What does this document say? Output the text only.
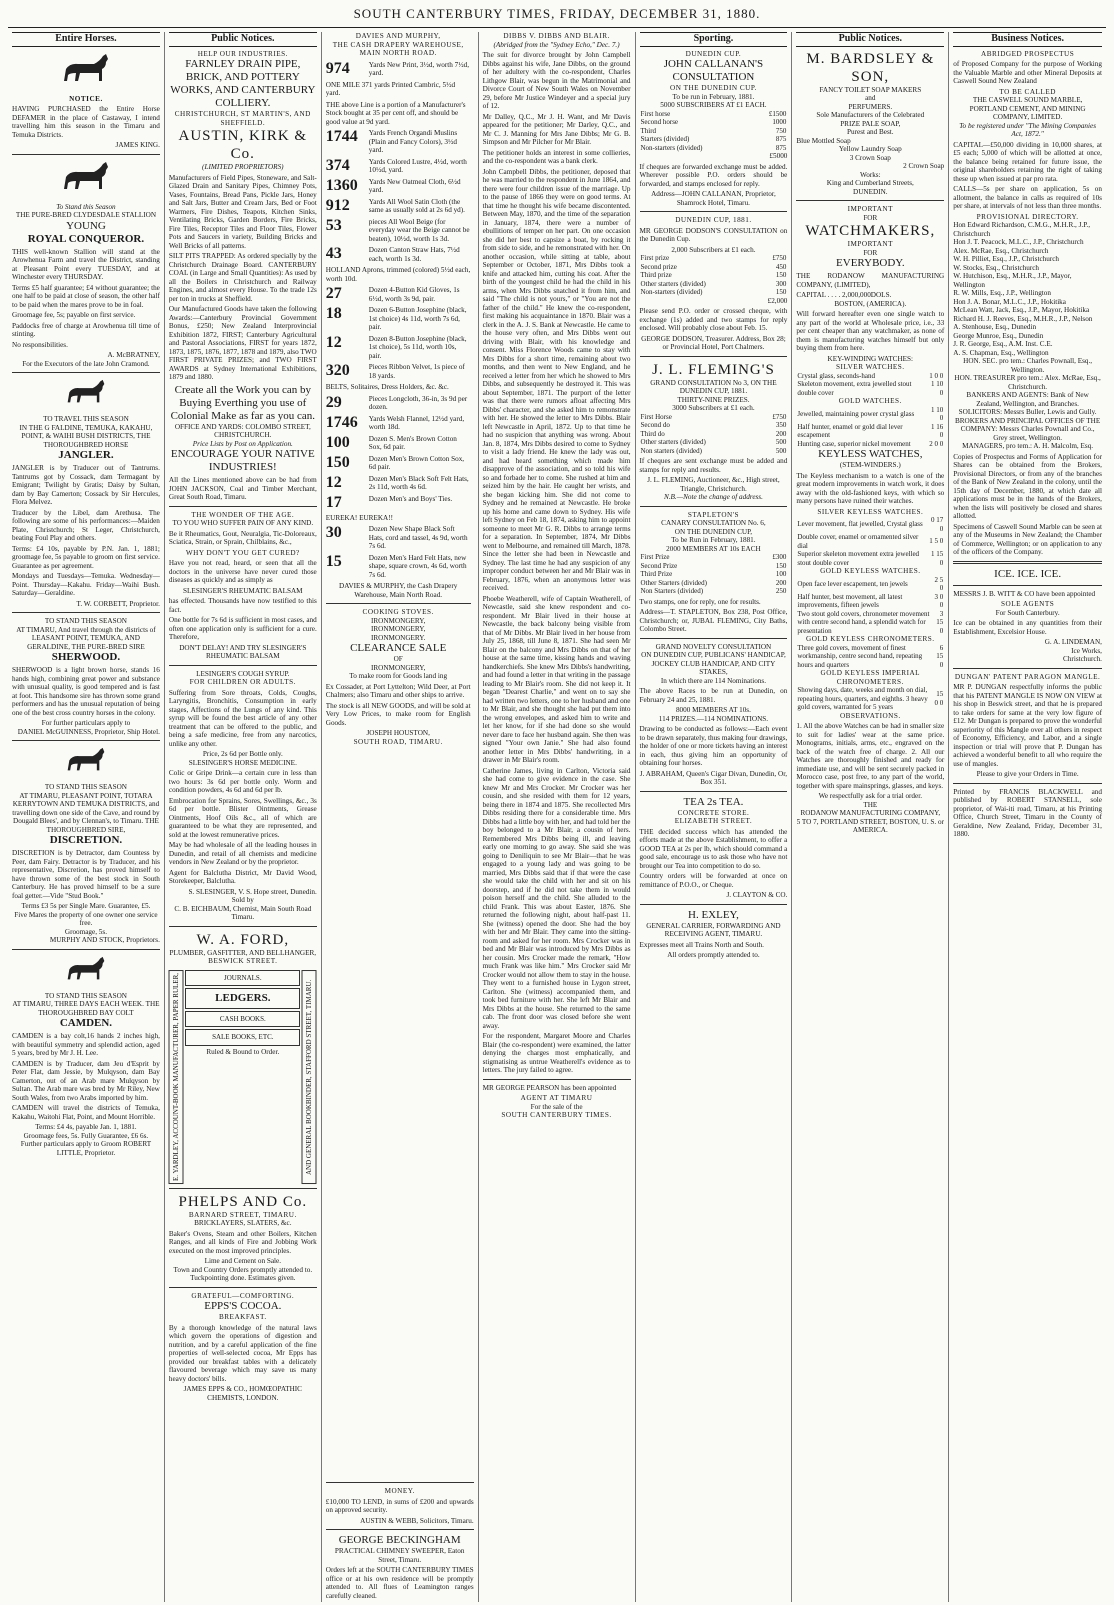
SOUTH CANTERBURY TIMES, FRIDAY, DECEMBER 31, 1880.
Entire Horses.
NOTICE.

HAVING PURCHASED the Entire Horse DEFAMER in the place of Castaway, I intend travelling him this season in the Timaru and Temuka Districts.

JAMES KING.
To Stand this Season
THE PURE-BRED CLYDESDALE STALLION
YOUNG
ROYAL CONQUEROR.

THIS well-known Stallion will stand at the Arowhenua Farm and travel the District, standing at Pleasant Point every TUESDAY, and at Winchester every THURSDAY.

Terms £5 half guarantee; £4 without guarantee; the one half to be paid at close of season, the other half to be paid when the mares prove to be in foal.

Groomage fee, 5s; payable on first service.

Paddocks free of charge at Arowhenua till time of stinting.

No responsibilities.

A. McBRATNEY,
For the Executors of the late John Cramond.
TO TRAVEL THIS SEASON
IN THE G FALDINE, TEMUKA, KAKAHU, POINT, & WAIHI BUSH DISTRICTS, THE THOROUGHBRED HORSE
JANGLER.

JANGLER is by Traducer out of Tantrums. Tantrums got by Cossack, dam Termagant by Emigrant; Twilight by Gratis; Daisy by Sultan, dam by Bay Camerton; Cossack by Sir Hercules, Flora Melvez.

Traducer by the Libel, dam Arethusa. The following are some of his performances:—Maiden Plate, Christchurch; St Leger, Christchurch, beating Foul Play and others.

Terms: £4 10s, payable by P.N. Jan. 1, 1881; groomage fee, 5s payable to groom on first service. Guarantee as per agreement.

Mondays and Tuesdays—Temuka. Wednesday—Point. Thursday—Kakahu. Friday—Waihi Bush. Saturday—Geraldine.

T. W. CORBETT, Proprietor.
TO STAND THIS SEASON
AT TIMARU, And travel through the districts of LEASANT POINT, TEMUKA, AND GERALDINE, THE PURE-BRED SIRE
SHERWOOD.

SHERWOOD is a light brown horse, stands 16 hands high, combining great power and substance with unusual quality, is good tempered and is fast at foot. This handsome sire has thrown some grand performers and has the unusual reputation of being one of the best cross country horses in the colony.

For further particulars apply to
DANIEL McGUINNESS, Proprietor, Ship Hotel.
TO STAND THIS SEASON
AT TIMARU, PLEASANT POINT, TOTARA KERRYTOWN AND TEMUKA DISTRICTS, and travelling down one side of the Cave, and round by Dougald Blees', and by Clennan's, to Timaru. THE THOROUGHBRED SIRE,
DISCRETION.

DISCRETION is by Detractor, dam Countess by Peer, dam Fairy. Detractor is by Traducer, and his representative, Discretion, has proved himself to have thrown some of the best stock in South Canterbury. He has proved himself to be a sure foal getter.—Vide "Stud Book."

Terms £3 5s per Single Mare. Guarantee, £5.
Five Mares the property of one owner one service free.
Groomage, 5s.
MURPHY AND STOCK, Proprietors.
TO STAND THIS SEASON
AT TIMARU, THREE DAYS EACH WEEK. THE THOROUGHBRED BAY COLT
CAMDEN.

CAMDEN is a bay colt,16 hands 2 inches high, with beautiful symmetry and splendid action, aged 5 years, bred by Mr J. H. Lee.

CAMDEN is by Traducer, dam Jeu d'Esprit by Peter Flat, dam Jessie, by Mulqyson, dam Bay Camerton, out of an Arab mare Mulqyson by Sultan. The Arab mare was bred by Mr Riley, New South Wales, from two Arabs imported by him.

CAMDEN will travel the districts of Temuka, Kakahu, Waitohi Flat, Point, and Mount Horrible.

Terms: £4 4s, payable Jan. 1, 1881.
Groomage fees, 5s. Fully Guarantee, £6 6s.
Further particulars apply to Groom ROBERT LITTLE, Proprietor.
Public Notices.
HELP OUR INDUSTRIES.
FARNLEY DRAIN PIPE, BRICK, AND POTTERY WORKS, AND CANTERBURY COLLIERY.
CHRISTCHURCH, ST MARTIN'S, AND SHEFFIELD.
AUSTIN, KIRK & Co.
(LIMITED PROPRIETORS)

Manufacturers of Field Pipes, Stoneware, and Salt-Glazed Drain and Sanitary Pipes, Chimney Pots, Vases, Fountains, Bread Pans, Pickle Jars, Honey and Salt Jars, Butter and Cream Jars, Bed or Foot Warmers, Fire Dishes, Teapots, Kitchen Sinks, Ventilating Bricks, Garden Borders, Fire Bricks, Fire Tiles, Receptor Tiles and Floor Tiles, Flower Pots and Saucers in variety, Building Bricks and Well Bricks of all patterns.

SILT PITS TRAPPED: As ordered specially by the Christchurch Drainage Board. CANTERBURY COAL (in Large and Small Quantities): As used by all the Boilers in Christchurch and Railway Engines, and almost every House. To the trade 12s per ton in trucks at Sheffield.

Our Manufactured Goods have taken the following Awards:—Canterbury Provincial Government Bonus, £250; New Zealand Interprovincial Exhibition 1872, FIRST; Canterbury Agricultural and Pastoral Associations, FIRST for years 1872, 1873, 1875, 1876, 1877, 1878 and 1879, also TWO FIRST PRIVATE PRIZES; and TWO FIRST AWARDS at Sydney International Exhibitions, 1879 and 1880.

Create all the Work you can by Buying Everthing you use of Colonial Make as far as you can.
OFFICE AND YARDS: COLOMBO STREET, CHRISTCHURCH.
Price Lists by Post on Application.
ENCOURAGE YOUR NATIVE INDUSTRIES!

All the Lines mentioned above can be had from JOHN JACKSON, Coal and Timber Merchant, Great South Road, Timaru.

THE WONDER OF THE AGE.
TO YOU WHO SUFFER PAIN OF ANY KIND.

Be it Rheumatics, Gout, Neuralgia, Tic-Doloreaux, Sciatica, Strain, or Sprain, Chilblains, &c.,

WHY DON'T YOU GET CURED?

Have you not read, heard, or seen that all the doctors in the universe have never cured those diseases as quickly and as simply as

SLESINGER'S RHEUMATIC BALSAM

has effected. Thousands have now testified to this fact.

One bottle for 7s 6d is sufficient in most cases, and often one application only is sufficient for a cure. Therefore,

DON'T DELAY! AND TRY SLESINGER'S RHEUMATIC BALSAM
LESINGER'S COUGH SYRUP.
FOR CHILDREN OR ADULTS.

Suffering from Sore throats, Colds, Coughs, Laryngitis, Bronchitis, Consumption in early stages, Affections of the Lungs of any kind. This syrup will be found the best article of any other treatment that can be offered to the public, and being a safe medicine, free from any narcotics, unlike any other.

Price, 2s 6d per Bottle only.
SLESINGER'S HORSE MEDICINE.

Colic or Gripe Drink—a certain cure in less than two hours: 3s 6d per bottle only. Worm and condition powders, 4s 6d and 6d per lb.

Embrocation for Sprains, Sores, Swellings, &c., 3s 6d per bottle. Blister Ointments, Grease Ointments, Hoof Oils &c., all of which are guaranteed to be what they are represented, and sold at the lowest remunerative prices.

May be had wholesale of all the leading houses in Dunedin, and retail of all chemists and medicine vendors in New Zealand or by the proprietor.

Agent for Balclutha District, Mr David Wood, Storekeeper, Balclutha.

S. SLESINGER, V. S. Hope street, Dunedin.
Sold by
C. B. EICHBAUM, Chemist, Main South Road Timaru.
W. A. FORD,
PLUMBER, GASFITTER, AND BELLHANGER,
BESWICK STREET.
E. YARDLEY, ACCOUNT-BOOK MANUFACTURER, PAPER RULER,	JOURNALS.
LEDGERS.
CASH BOOKS.
SALE BOOKS, ETC.
Ruled & Bound to Order.	AND GENERAL BOOKBINDER, STAFFORD STREET, TIMARU.
PHELPS AND Co.
BARNARD STREET, TIMARU.
BRICKLAYERS, SLATERS, &c.

Baker's Ovens, Steam and other Boilers, Kitchen Ranges, and all kinds of Fire and Jobbing Work executed on the most improved principles.

Lime and Cement on Sale.
Town and Country Orders promptly attended to.
Tuckpointing done. Estimates given.
GRATEFUL—COMFORTING.
EPPS'S COCOA.
BREAKFAST.

By a thorough knowledge of the natural laws which govern the operations of digestion and nutrition, and by a careful application of the fine properties of well-selected cocoa, Mr Epps has provided our breakfast tables with a delicately flavoured beverage which may save us many heavy doctors' bills.

JAMES EPPS & CO., HOMŒOPATHIC CHEMISTS, LONDON.
DAVIES AND MURPHY,
THE CASH DRAPERY WAREHOUSE,
MAIN NORTH ROAD.
974	Yards New Print, 3½d, worth 7½d, yard.
ONE MILE 371 yards Printed Cambric, 5½d yard.
THE above Line is a portion of a Manufacturer's Stock bought at 35 per cent off, and should be good value at 9d yard.
1744	Yards French Organdi Muslins (Plain and Fancy Colors), 3½d yard.
374	Yards Colored Lustre, 4½d, worth 10½d, yard.
1360	Yards New Oatmeal Cloth, 6½d yard.
912	Yards All Wool Satin Cloth (the same as usually sold at 2s 6d yd).
53	pieces All Wool Beige (for everyday wear the Beige cannot be beaten), 10½d, worth 1s 3d.
43	Dozen Canton Straw Hats, 7½d each, worth 1s 3d.
HOLLAND Aprons, trimmed (colored) 5½d each, worth 10d.
27	Dozen 4-Button Kid Gloves, 1s 6½d, worth 3s 9d, pair.
18	Dozen 6-Button Josephine (black, 1st choice) 4s 11d, worth 7s 6d, pair.
12	Dozen 8-Button Josephine (black, 1st choice), 5s 11d, worth 10s, pair.
320	Pieces Ribbon Velvet, 1s piece of 18 yards.
BELTS, Solitaires, Dress Holders, &c. &c.
29	Pieces Longcloth, 36-in, 3s 9d per dozen.
1746	Yards Welsh Flannel, 12½d yard, worth 18d.
100	Dozen S. Men's Brown Cotton Sox, 6d pair.
150	Dozen Men's Brown Cotton Sox, 6d pair.
12	Dozen Men's Black Soft Felt Hats, 2s 11d, worth 4s 6d.
17	Dozen Men's and Boys' Ties.
EUREKA! EUREKA!!
30	Dozen New Shape Black Soft Hats, cord and tassel, 4s 9d, worth 7s 6d.
15	Dozen Men's Hard Felt Hats, new shape, square crown, 4s 6d, worth 7s 6d.
DAVIES & MURPHY, the Cash Drapery Warehouse, Main North Road.
COOKING STOVES.
IRONMONGERY,
IRONMONGERY,
IRONMONGERY.
CLEARANCE SALE
OF
IRONMONGERY,
To make room for Goods land ing

Ex Cossader, at Port Lyttelton; Wild Deer, at Port Chalmers; also Timaru and other ships to arrive.

The stock is all NEW GOODS, and will be sold at Very Low Prices, to make room for English Goods.

JOSEPH HOUSTON,
SOUTH ROAD, TIMARU.
MONEY.

£10,000 TO LEND, in sums of £200 and upwards on approved security.

AUSTIN & WEBB, Solicitors, Timaru.
GEORGE BECKINGHAM
PRACTICAL CHIMNEY SWEEPER, Eaton Street, Timaru.

Orders left at the SOUTH CANTERBURY TIMES office or at his own residence will be promptly attended to. All flues of Leamington ranges carefully cleaned.

DIBBS V. DIBBS AND BLAIR.
(Abridged from the "Sydney Echo," Dec. 7.)

The suit for divorce brought by John Campbell Dibbs against his wife, Jane Dibbs, on the ground of her adultery with the co-respondent, Charles Lithgow Blair, was begun in the Matrimonial and Divorce Court of New South Wales on November 29, before Mr Justice Windeyer and a special jury of 12.

Mr Dalley, Q.C., Mr J. H. Want, and Mr Davis appeared for the petitioner; Mr Darley, Q.C., and Mr C. J. Manning for Mrs Jane Dibbs; Mr G. B. Simpson and Mr Pilcher for Mr Blair.

The petitioner holds an interest in some collieries, and the co-respondent was a bank clerk.

John Campbell Dibbs, the petitioner, deposed that he was married to the respondent in June 1864, and there were four children issue of the marriage. Up to the pause of 1866 they were on good terms. At that time he thought his wife became discontented. Between May, 1870, and the time of the separation in January, 1874, there were a number of ebullitions of temper on her part. On one occasion she did her best to capsize a boat, by rocking it from side to side, and he remonstrated with her. On another occasion, while sitting at table, about September or October, 1871, Mrs Dibbs took a knife and attacked him, cutting his coat. After the birth of the youngest child he had the child in his arms, when Mrs Dibbs snatched it from him, and said "The child is not yours," or "You are not the father of the child." He knew the co-respondent, first making his acquaintance in 1870. Blair was a clerk in the A. J. S. Bank at Newcastle. He came to the house very often, and Mrs Dibbs went out driving with Blair, with his knowledge and consent. Miss Florence Woods came to stay with Mrs Dibbs for a short time, remaining about two months, and then went to New England, and he received a letter from her which he showed to Mrs Dibbs, and subsequently he destroyed it. This was about September, 1871. The purport of the letter was that there were rumors afloat affecting Mrs Dibbs' character, and she asked him to remonstrate with her. He showed the letter to Mrs Dibbs. Blair left Newcastle in April, 1872. Up to that time he had no suspicion that anything was wrong. About Jan. 8, 1874, Mrs Dibbs desired to come to Sydney to visit a lady friend. He knew the lady was out, and had heard something which made him disapprove of the association, and so told his wife so and forbade her to come. She rushed at him and seized him by the hair. He caught her wrists, and she began kicking him. She did not come to Sydney and he remained at Newcastle. He broke up his home and came down to Sydney. His wife left Sydney on Feb 18, 1874, asking him to appoint someone to meet Mr G. R. Dibbs to arrange terms for a separation. In September, 1874, Mr Dibbs went to Melbourne, and remained till March, 1878. Since the letter she had been in Newcastle and Sydney. The last time he had any suspicion of any improper conduct between her and Mr Blair was in February, 1876, when an anonymous letter was received.

Phoebe Weatherell, wife of Captain Weatherell, of Newcastle, said she knew respondent and co-respondent. Mr Blair lived in their house at Newcastle, the back balcony being visible from that of Mr Dibbs. Mr Blair lived in her house from July 25, 1868, till June 8, 1871. She had seen Mr Blair on the balcony and Mrs Dibbs on that of her house at the same time, kissing hands and waving handkerchiefs. She knew Mrs Dibbs's handwriting, and had found a letter in that writing in the passage leading to Mr Blair's room. She did not keep it. It began "Dearest Charlie," and went on to say she had written two letters, one to her husband and one to Mr Blair, and she thought she had put them into the wrong envelopes, and asked him to write and let her know, for if she had done so she would never dare to face her husband again. She then was signed "Your own Janie." She had also found another letter in Mrs Dibbs' handwriting, in a drawer in Mr Blair's room.

Catherine James, living in Carlton, Victoria said she had come to give evidence in the case. She knew Mr and Mrs Crocker. Mr Crocker was her cousin, and she resided with them for 12 years, being there in 1874 and 1875. She recollected Mrs Dibbs residing there for a considerable time. Mrs Dibbs had a little boy with her, and had told her the boy belonged to a Mr Blair, a cousin of hers. Remembered Mrs Dibbs being ill, and leaving early one morning to go away. She said she was going to Deniliquin to see Mr Blair—that he was engaged to a young lady and was going to be married, Mrs Dibbs said that if that were the case she would take the child with her and sit on his doorstep, and if he did not take them in would poison herself and the child. She alluded to the child Frank. This was about Easter, 1876. She returned the following night, about half-past 11. She (witness) opened the door. She had the boy with her and Mr Blair. They came into the sitting-room and asked for her room. Mrs Crocker was in bed and Mr Blair was introduced by Mrs Dibbs as her cousin. Mrs Crocker made the remark, "How much Frank was like him." Mrs Crocker said Mr Crocker would not allow them to stay in the house. They went to a furnished house in Lygon street, Carlton. She (witness) accompanied them, and took bed furniture with her. She left Mr Blair and Mrs Dibbs at the house. She returned to the same cab. The front door was closed before she went away.

For the respondent, Margaret Moore and Charles Blair (the co-respondent) were examined, the latter denying the charges most emphatically, and stigmatising as untrue Weatherell's evidence as to letters. The jury failed to agree.

MR GEORGE PEARSON has been appointed

AGENT AT TIMARU
For the sale of the
SOUTH CANTERBURY TIMES.
Sporting.
DUNEDIN CUP.
JOHN CALLANAN'S CONSULTATION
ON THE DUNEDIN CUP.
To be run in February, 1881.
5000 SUBSCRIBERS AT £1 EACH.
First horse	£1500
Second horse	1000
Third	750
Starters (divided)	875
Non-starters (divided)	875
£5000

If cheques are forwarded exchange must be added. Wherever possible P.O. orders should be forwarded, and stamps enclosed for reply.

Address—JOHN CALLANAN, Proprietor, Shamrock Hotel, Timaru.
DUNEDIN CUP, 1881.

MR GEORGE DODSON'S CONSULTATION on the Dunedin Cup.

2,000 Subscribers at £1 each.
First prize	£750
Second prize	450
Third prize	150
Other starters (divided)	300
Non-starters (divided)	150
£2,000

Please send P.O. order or crossed cheque, with exchange (1s) added and two stamps for reply enclosed. Will probably close about Feb. 15.

GEORGE DODSON, Treasurer. Address, Box 28; or Provincial Hotel, Port Chalmers.
J. L. FLEMING'S
GRAND CONSULTATION No 3, ON THE DUNEDIN CUP, 1881.
THIRTY-NINE PRIZES.
3000 Subscribers at £1 each.
First Horse	£750
Second do	350
Third do	200
Other starters (divided)	500
Non starters (divided)	500

If cheques are sent exchange must be added and stamps for reply and results.

J. L. FLEMING, Auctioneer, &c., High street, Triangle, Christchurch.
N.B.—Note the change of address.
STAPLETON'S
CANARY CONSULTATION No. 6,
ON THE DUNEDIN CUP,
To be Run in February, 1881.
2000 MEMBERS AT 10s EACH
First Prize	£300
Second Prize	150
Third Prize	100
Other Starters (divided)	200
Non Starters (divided)	250

Two stamps, one for reply, one for results.

Address—T. STAPLETON, Box 238, Post Office, Christchurch; or, JUBAL FLEMING, City Baths, Colombo Street.

GRAND NOVELTY CONSULTATION
ON DUNEDIN CUP, PUBLICANS' HANDICAP, JOCKEY CLUB HANDICAP, AND CITY STAKES,
In which there are 114 Nominations.

The above Races to be run at Dunedin, on February 24 and 25, 1881.

8000 MEMBERS AT 10s.
114 PRIZES.—114 NOMINATIONS.

Drawing to be conducted as follows:—Each event to be drawn separately, thus making four drawings, the holder of one or more tickets having an interest in each, thus giving him an opportunity of obtaining four horses.

J. ABRAHAM, Queen's Cigar Divan, Dunedin, Or, Box 351.
TEA 2s TEA.
CONCRETE STORE.
ELIZABETH STREET.

THE decided success which has attended the efforts made at the above Establishment, to offer a GOOD TEA at 2s per lb, which should command a good sale, encourage us to ask those who have not brought our Tea into competition to do so.

Country orders will be forwarded at once on remittance of P.O.O., or Cheque.

J. CLAYTON & CO.
H. EXLEY,
GENERAL CARRIER, FORWARDING AND RECEIVING AGENT, TIMARU.

Expresses meet all Trains North and South.

All orders promptly attended to.
Public Notices.
M. BARDSLEY & SON,
FANCY TOILET SOAP MAKERS
and
PERFUMERS.
Sole Manufacturers of the Celebrated
PRIZE PALE SOAP,
Purest and Best.
Blue Mottled Soap
Yellow Laundry Soap
3 Crown Soap
2 Crown Soap
Works:
King and Cumberland Streets,
DUNEDIN.
IMPORTANT
FOR
WATCHMAKERS,
IMPORTANT
FOR
EVERYBODY.

THE RODANOW MANUFACTURING COMPANY, (LIMITED),

CAPITAL . . . . 2,000,000DOLS.
BOSTON, (AMERICA).

Will forward hereafter even one single watch to any part of the world at Wholesale price, i.e., 33 per cent cheaper than any watchmaker, as none of them is manufacturing watches himself but only buying them from here.

KEY-WINDING WATCHES:
SILVER WATCHES.
Crystal glass, seconds-hand	1 0 0
Skeleton movement, extra jewelled stout double cover	1 10 0
GOLD WATCHES.
Jewelled, maintaining power crystal glass	1 10 0
Half hunter, enamel or gold dial lever escapement	1 16 0
Hunting case, superior nickel movement	2 0 0
KEYLESS WATCHES,
(STEM-WINDERS.)

The Keyless mechanism to a watch is one of the great modern improvements in watch work, it does away with the old-fashioned keys, with which so many persons have ruined their watches.

SILVER KEYLESS WATCHES.
Lever movement, flat jewelled, Crystal glass	0 17 0
Double cover, enamel or ornamented silver dial	1 5 0
Superior skeleton movement extra jewelled stout double cover	1 15 0
GOLD KEYLESS WATCHES.
Open face lever escapement, ten jewels	2 5 0
Half hunter, best movement, all latest improvements, fifteen jewels	3 0 0
Two stout gold covers, chronometer movement with centre second hand, a splendid watch for presentation	3 15 0
GOLD KEYLESS CHRONOMETERS.
Three gold covers, movement of finest workmanship, centre second hand, repeating hours and quarters	6 15 0
GOLD KEYLESS IMPERIAL CHRONOMETERS.
Showing days, date, weeks and month on dial, repeating hours, quarters, and eighths. 3 heavy gold covers, warranted for 5 years	15 0 0
OBSERVATIONS.

1. All the above Watches can be had in smaller size to suit for ladies' wear at the same price. Monograms, initials, arms, etc., engraved on the back of the watch free of charge. 2. All our Watches are thoroughly finished and ready for immediate use, and will be sent securely packed in Morocco case, post free, to any part of the world, together with spare mainsprings, glasses, and keys.

We respectfully ask for a trial order.
THE
RODANOW MANUFACTURING COMPANY,
5 TO 7, PORTLAND STREET, BOSTON, U. S. or AMERICA.
Business Notices.
ABRIDGED PROSPECTUS

of Proposed Company for the purpose of Working the Valuable Marble and other Mineral Deposits at Caswell Sound New Zealand

TO BE CALLED
THE CASWELL SOUND MARBLE, PORTLAND CEMENT, AND MINING COMPANY, LIMITED.
To be registered under "The Mining Companies Act, 1872."

CAPITAL—£50,000 dividing in 10,000 shares, at £5 each; 5,000 of which will be allotted at once, the balance being retained for future issue, the original shareholders retaining the right of taking these up when issued at par pro rata.

CALLS—5s per share on application, 5s on allotment, the balance in calls as required of 10s per share, at intervals of not less than three months.

PROVISIONAL DIRECTORY.
Hon Edward Richardson, C.M.G., M.H.R., J.P., Christchurch
Hon J. T. Peacock, M.L.C., J.P., Christchurch
Alex. McRae, Esq., Christchurch
W. H. Pilliet, Esq., J.P., Christchurch
W. Stocks, Esq., Christchurch
W. Hutchison, Esq., M.H.R., J.P., Mayor, Wellington
R. W. Mills, Esq., J.P., Wellington
Hon J. A. Bonar, M.L.C., J.P., Hokitika
McLean Watt, Jack, Esq., J.P., Mayor, Hokitika
Richard H. J. Reeves, Esq., M.H.R., J.P., Nelson
A. Stenhouse, Esq., Dunedin
George Munroe, Esq., Dunedin
J. R. George, Esq., A.M. Inst. C.E.
A. S. Chapman, Esq., Wellington
HON. SEC. pro tem.: Charles Pownall, Esq., Wellington.
HON. TREASURER pro tem.: Alex. McRae, Esq., Christchurch.
BANKERS AND AGENTS: Bank of New Zealand, Wellington, and Branches.
SOLICITORS: Messrs Buller, Lewis and Gully.
BROKERS AND PRINCIPAL OFFICES OF THE COMPANY: Messrs Charles Pownall and Co., Grey street, Wellington.
MANAGERS, pro tem.: A. H. Malcolm, Esq.

Copies of Prospectus and Forms of Application for Shares can be obtained from the Brokers, Provisional Directors, or from any of the branches of the Bank of New Zealand in the colony, until the 15th day of December, 1880, at which date all applications must be in the hands of the Brokers, when the lists will positively be closed and shares allotted.

Specimens of Caswell Sound Marble can be seen at any of the Museums in New Zealand; the Chamber of Commerce, Wellington; or on application to any of the officers of the Company.

ICE. ICE. ICE.

MESSRS J. B. WITT & CO have been appointed

SOLE AGENTS
For South Canterbury.

Ice can be obtained in any quantities from their Establishment, Excelsior House.

G. A. LINDEMAN,
Ice Works,
Christchurch.
DUNGAN' PATENT PARAGON MANGLE.

MR P. DUNGAN respectfully informs the public that his PATENT MANGLE IS NOW ON VIEW at his shop in Beswick street, and that he is prepared to take orders for same at the very low figure of £12. Mr Dungan is prepared to prove the wonderful superiority of this Mangle over all others in respect of Economy, Efficiency, and Labor, and a single inspection or trial will prove that P. Dungan has achieved a wonderful benefit to all who require the use of mangles.

Please to give your Orders in Time.

Printed by FRANCIS BLACKWELL and published by ROBERT STANSELL, sole proprietor, of Wai-iti road, Timaru, at his Printing Office, Church Street, Timaru in the County of Geraldine, New Zealand, Friday, December 31, 1880.
